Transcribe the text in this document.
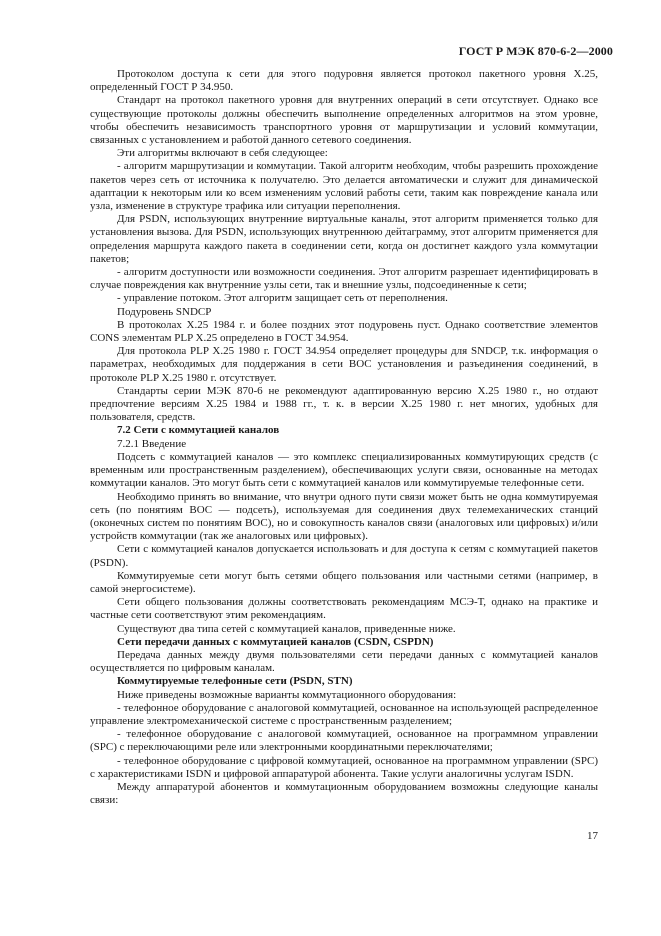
ГОСТ Р МЭК 870-6-2—2000

Протоколом доступа к сети для этого подуровня является протокол пакетного уровня X.25, определенный ГОСТ Р 34.950.

Стандарт на протокол пакетного уровня для внутренних операций в сети отсутствует. Однако все существующие протоколы должны обеспечить выполнение определенных алгоритмов на этом уровне, чтобы обеспечить независимость транспортного уровня от маршрутизации и условий коммутации, связанных с установлением и работой данного сетевого соединения.

Эти алгоритмы включают в себя следующее:

- алгоритм маршрутизации и коммутации. Такой алгоритм необходим, чтобы разрешить прохождение пакетов через сеть от источника к получателю. Это делается автоматически и служит для динамической адаптации к некоторым или ко всем изменениям условий работы сети, таким как повреждение канала или узла, изменение в структуре трафика или ситуации переполнения.

Для PSDN, использующих внутренние виртуальные каналы, этот алгоритм применяется только для установления вызова. Для PSDN, использующих внутреннюю дейтаграмму, этот алгоритм применяется для определения маршрута каждого пакета в соединении сети, когда он достигнет каждого узла коммутации пакетов;

- алгоритм доступности или возможности соединения. Этот алгоритм разрешает идентифицировать в случае повреждения как внутренние узлы сети, так и внешние узлы, подсоединенные к сети;

- управление потоком. Этот алгоритм защищает сеть от переполнения.

Подуровень SNDCP

В протоколах X.25 1984 г. и более поздних этот подуровень пуст. Однако соответствие элементов CONS элементам PLP X.25 определено в ГОСТ 34.954.

Для протокола PLP X.25 1980 г. ГОСТ 34.954 определяет процедуры для SNDCP, т.к. информация о параметрах, необходимых для поддержания в сети ВОС установления и разъединения соединений, в протоколе PLP X.25 1980 г. отсутствует.

Стандарты серии МЭК 870-6 не рекомендуют адаптированную версию X.25 1980 г., но отдают предпочтение версиям X.25 1984 и 1988 гг., т. к. в версии X.25 1980 г. нет многих, удобных для пользователя, средств.

7.2 Сети с коммутацией каналов

7.2.1 Введение

Подсеть с коммутацией каналов — это комплекс специализированных коммутирующих средств (с временным или пространственным разделением), обеспечивающих услуги связи, основанные на методах коммутации каналов. Это могут быть сети с коммутацией каналов или коммутируемые телефонные сети.

Необходимо принять во внимание, что внутри одного пути связи может быть не одна коммутируемая сеть (по понятиям ВОС — подсеть), используемая для соединения двух телемеханических станций (оконечных систем по понятиям ВОС), но и совокупность каналов связи (аналоговых или цифровых) и/или устройств коммутации (так же аналоговых или цифровых).

Сети с коммутацией каналов допускается использовать и для доступа к сетям с коммутацией пакетов (PSDN).

Коммутируемые сети могут быть сетями общего пользования или частными сетями (например, в самой энергосистеме).

Сети общего пользования должны соответствовать рекомендациям МСЭ-Т, однако на практике и частные сети соответствуют этим рекомендациям.

Существуют два типа сетей с коммутацией каналов, приведенные ниже.

Сети передачи данных с коммутацией каналов (CSDN, CSPDN)

Передача данных между двумя пользователями сети передачи данных с коммутацией каналов осуществляется по цифровым каналам.

Коммутируемые телефонные сети (PSDN, STN)

Ниже приведены возможные варианты коммутационного оборудования:

- телефонное оборудование с аналоговой коммутацией, основанное на использующей распределенное управление электромеханической системе с пространственным разделением;

- телефонное оборудование с аналоговой коммутацией, основанное на программном управлении (SPC) с переключающими реле или электронными координатными переключателями;

- телефонное оборудование с цифровой коммутацией, основанное на программном управлении (SPC) с характеристиками ISDN и цифровой аппаратурой абонента. Такие услуги аналогичны услугам ISDN.

Между аппаратурой абонентов и коммутационным оборудованием возможны следующие каналы связи:

17
